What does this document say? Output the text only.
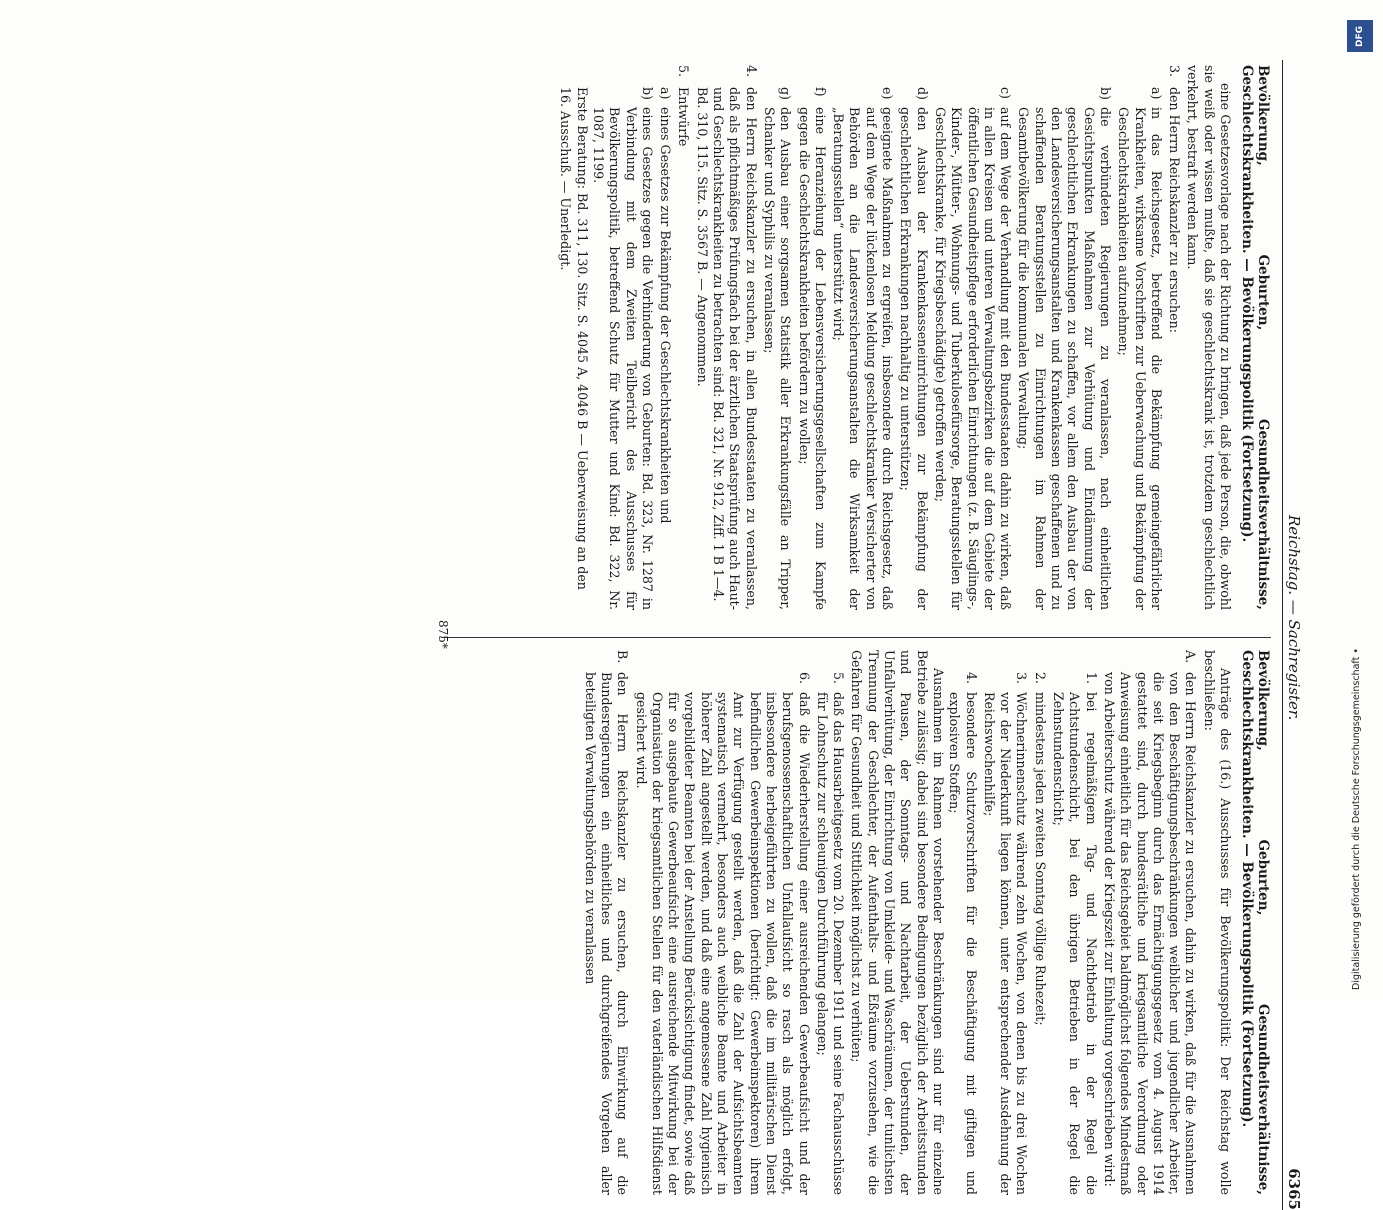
Reichstag. — Sachregister.
6365
Bevölkerung, Geburten, Gesundheitsverhältnisse, Geschlechtskrankheiten. — Bevölkerungspolitik (Fortsetzung).

eine Gesetzesvorlage nach der Richtung zu bringen, daß jede Person, die, obwohl sie weiß oder wissen mußte, daß sie geschlechtskrank ist, trotzdem geschlechtlich verkehrt, bestraft werden kann.

3.
den Herrn Reichskanzler zu ersuchen:
a)
in das Reichsgesetz, betreffend die Bekämpfung gemeingefährlicher Krankheiten, wirksame Vorschriften zur Ueberwachung und Bekämpfung der Geschlechtskrankheiten aufzunehmen;
b)
die verbündeten Regierungen zu veranlassen, nach einheitlichen Gesichtspunkten Maßnahmen zur Verhütung und Eindämmung der geschlechtlichen Erkrankungen zu schaffen, vor allem den Ausbau der von den Landesversicherungsanstalten und Krankenkassen geschaffenen und zu schaffenden Beratungsstellen zu Einrichtungen im Rahmen der Gesamtbevölkerung für die kommunalen Verwaltung;
c)
auf dem Wege der Verhandlung mit den Bundesstaaten dahin zu wirken, daß in allen Kreisen und unteren Verwaltungsbezirken die auf dem Gebiete der öffentlichen Gesundheitspflege erforderlichen Einrichtungen (z. B. Säuglings-, Kinder-, Mütter-, Wohnungs- und Tuberkulosefürsorge, Beratungsstellen für Geschlechtskranke, für Kriegsbeschädigte) getroffen werden;
d)
den Ausbau der Krankenkasseneinrichtungen zur Bekämpfung der geschlechtlichen Erkrankungen nachhaltig zu unterstützen;
e)
geeignete Maßnahmen zu ergreifen, insbesondere durch Reichsgesetz, daß auf dem Wege der lückenlosen Meldung geschlechtskranker Versicherter von Behörden an die Landesversicherungsanstalten die Wirksamkeit der „Beratungsstellen“ unterstützt wird;
f)
eine Heranziehung der Lebensversicherungsgesellschaften zum Kampfe gegen die Geschlechtskrankheiten befördern zu wollen;
g)
den Ausbau einer sorgsamen Statistik aller Erkrankungsfälle an Tripper, Schanker und Syphilis zu veranlassen;
4.
den Herrn Reichskanzler zu ersuchen, in allen Bundesstaaten zu veranlassen, daß als pflichtmäßiges Prüfungsfach bei der ärztlichen Staatsprüfung auch Haut- und Geschlechtskrankheiten zu betrachten sind: Bd. 321, Nr. 912, Ziff. 1 B 1—4.
Bd. 310, 115. Sitz. S. 3567 B. — Angenommen.
5.
Entwürfe
a)
eines Gesetzes zur Bekämpfung der Geschlechtskrankheiten und
b)
eines Gesetzes gegen die Verhinderung von Geburten: Bd. 323, Nr. 1287 in Verbindung mit dem Zweiten Teilbericht des Ausschusses für Bevölkerungspolitik, betreffend Schutz für Mutter und Kind: Bd. 322, Nr. 1087, 1199.
Erste Beratung: Bd. 311, 130. Sitz. S. 4045 A, 4046 B — Ueberweisung an den 16. Ausschuß. — Unerledigt.
Bevölkerung, Geburten, Gesundheitsverhältnisse, Geschlechtskrankheiten. — Bevölkerungspolitik (Fortsetzung).

Anträge des (16.) Ausschusses für Bevölkerungspolitik: Der Reichstag wolle beschließen:

A.
den Herrn Reichskanzler zu ersuchen, dahin zu wirken, daß für die Ausnahmen von den Beschäftigungsbeschränkungen weiblicher und jugendlicher Arbeiter, die seit Kriegsbeginn durch das Ermächtigungsgesetz vom 4. August 1914 gestattet sind, durch bundesrätliche und kriegsamtliche Verordnung oder Anweisung einheitlich für das Reichsgebiet baldmöglichst folgendes Mindestmaß von Arbeiterschutz während der Kriegszeit zur Einhaltung vorgeschrieben wird:
1.
bei regelmäßigem Tag- und Nachtbetrieb in der Regel die Achtstundenschicht, bei den übrigen Betrieben in der Regel die Zehnstundenschicht;
2.
mindestens jeden zweiten Sonntag völlige Ruhezeit;
3.
Wöchnerinnenschutz während zehn Wochen, von denen bis zu drei Wochen vor der Niederkunft liegen können, unter entsprechender Ausdehnung der Reichswochenhilfe;
4.
besondere Schutzvorschriften für die Beschäftigung mit giftigen und explosiven Stoffen;

Ausnahmen im Rahmen vorstehender Beschränkungen sind nur für einzelne Betriebe zulässig; dabei sind besondere Bedingungen bezüglich der Arbeitsstunden und Pausen, der Sonntags- und Nachtarbeit, der Ueberstunden, der Unfallverhütung, der Einrichtung von Umkleide- und Waschräumen, der tunlichsten Trennung der Geschlechter, der Aufenthalts- und Eßräume vorzusehen, wie die Gefahren für Gesundheit und Sittlichkeit möglichst zu verhüten;

5.
daß das Hausarbeitgesetz vom 20. Dezember 1911 und seine Fachausschüsse für Lohnschutz zur schleunigen Durchführung gelangen;
6.
daß die Wiederherstellung einer ausreichenden Gewerbeaufsicht und der berufsgenossenschaftlichen Unfallaufsicht so rasch als möglich erfolgt, insbesondere herbeigeführten zu wollen, daß die im militärischen Dienst befindlichen Gewerbeinspektionen (berichtigt: Gewerbeinspektoren) ihrem Amt zur Verfügung gestellt werden, daß die Zahl der Aufsichtsbeamten systematisch vermehrt, besonders auch weibliche Beamte und Arbeiter in höherer Zahl angestellt werden, und daß eine angemessene Zahl hygienisch vorgebildeter Beamten bei der Anstellung Berücksichtigung findet, sowie daß für so ausgebaute Gewerbeaufsicht eine ausreichende Mitwirkung bei der Organisation der kriegsamtlichen Stellen für den vaterländischen Hilfsdienst gesichert wird.
B.
den Herrn Reichskanzler zu ersuchen, durch Einwirkung auf die Bundesregierungen ein einheitliches und durchgreifendes Vorgehen aller beteiligten Verwaltungsbehörden zu veranlassen
875*
DFG
Digitalisierung gefördert durch die Deutsche Forschungsgemeinschaft •
